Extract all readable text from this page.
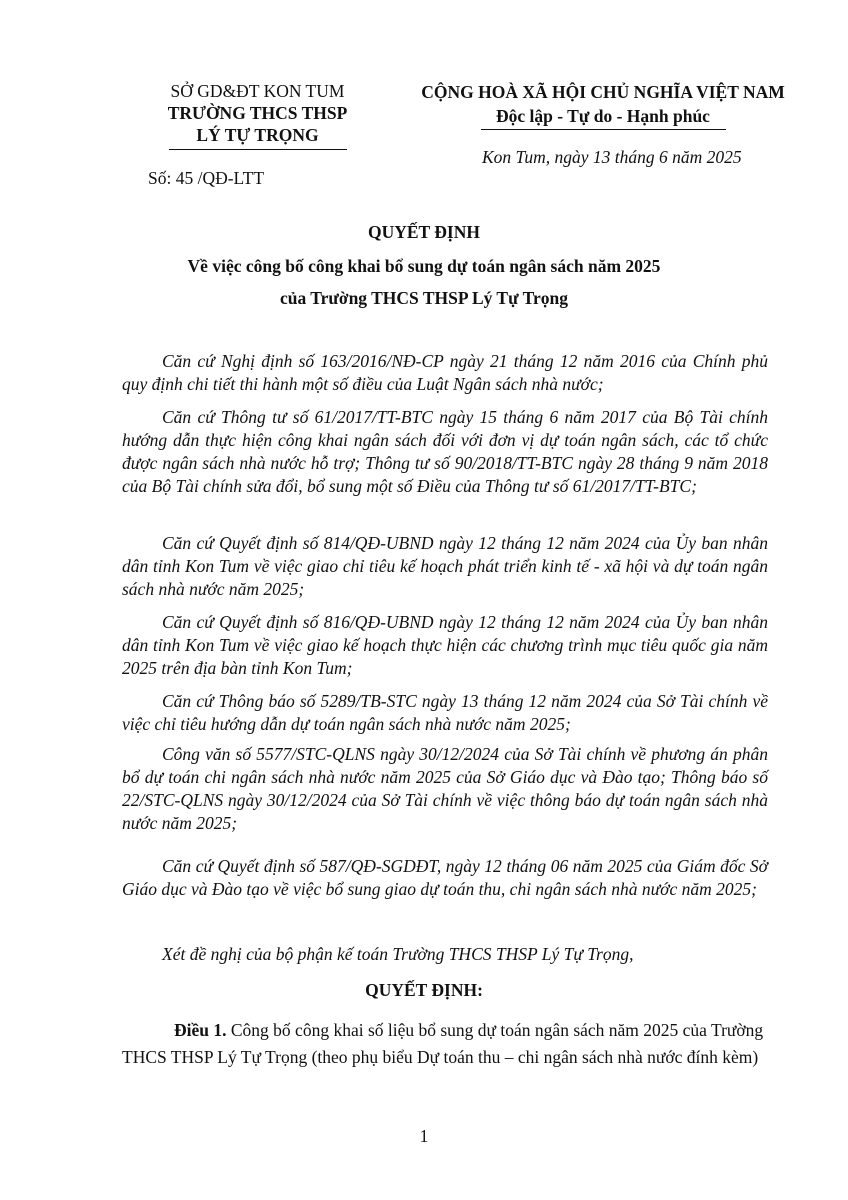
SỞ GD&ĐT KON TUM
TRƯỜNG THCS THSP
LÝ TỰ TRỌNG
CỘNG HOÀ XÃ HỘI CHỦ NGHĨA VIỆT NAM
Độc lập - Tự do - Hạnh phúc
Kon Tum, ngày 13 tháng 6 năm 2025
Số: 45 /QĐ-LTT
QUYẾT ĐỊNH
Về việc công bố công khai bổ sung dự toán ngân sách năm 2025
của Trường THCS THSP Lý Tự Trọng

Căn cứ Nghị định số 163/2016/NĐ-CP ngày 21 tháng 12 năm 2016 của Chính phủ quy định chi tiết thi hành một số điều của Luật Ngân sách nhà nước;

Căn cứ Thông tư số 61/2017/TT-BTC ngày 15 tháng 6 năm 2017 của Bộ Tài chính hướng dẫn thực hiện công khai ngân sách đối với đơn vị dự toán ngân sách, các tổ chức được ngân sách nhà nước hỗ trợ; Thông tư số 90/2018/TT-BTC ngày 28 tháng 9 năm 2018 của Bộ Tài chính sửa đổi, bổ sung một số Điều của Thông tư số 61/2017/TT-BTC;

Căn cứ Quyết định số 814/QĐ-UBND ngày 12 tháng 12 năm 2024 của Ủy ban nhân dân tỉnh Kon Tum về việc giao chỉ tiêu kế hoạch phát triển kinh tế - xã hội và dự toán ngân sách nhà nước năm 2025;

Căn cứ Quyết định số 816/QĐ-UBND ngày 12 tháng 12 năm 2024 của Ủy ban nhân dân tỉnh Kon Tum về việc giao kế hoạch thực hiện các chương trình mục tiêu quốc gia năm 2025 trên địa bàn tỉnh Kon Tum;

Căn cứ Thông báo số 5289/TB-STC ngày 13 tháng 12 năm 2024 của Sở Tài chính về việc chỉ tiêu hướng dẫn dự toán ngân sách nhà nước năm 2025;

Công văn số 5577/STC-QLNS ngày 30/12/2024 của Sở Tài chính về phương án phân bổ dự toán chi ngân sách nhà nước năm 2025 của Sở Giáo dục và Đào tạo; Thông báo số 22/STC-QLNS ngày 30/12/2024 của Sở Tài chính về việc thông báo dự toán ngân sách nhà nước năm 2025;

Căn cứ Quyết định số 587/QĐ-SGDĐT, ngày 12 tháng 06 năm 2025 của Giám đốc Sở Giáo dục và Đào tạo về việc bổ sung giao dự toán thu, chi ngân sách nhà nước năm 2025;

Xét đề nghị của bộ phận kế toán Trường THCS THSP Lý Tự Trọng,

QUYẾT ĐỊNH:
Điều 1. Công bố công khai số liệu bổ sung dự toán ngân sách năm 2025 của Trường THCS THSP Lý Tự Trọng (theo phụ biểu Dự toán thu – chi ngân sách nhà nước đính kèm)
1
